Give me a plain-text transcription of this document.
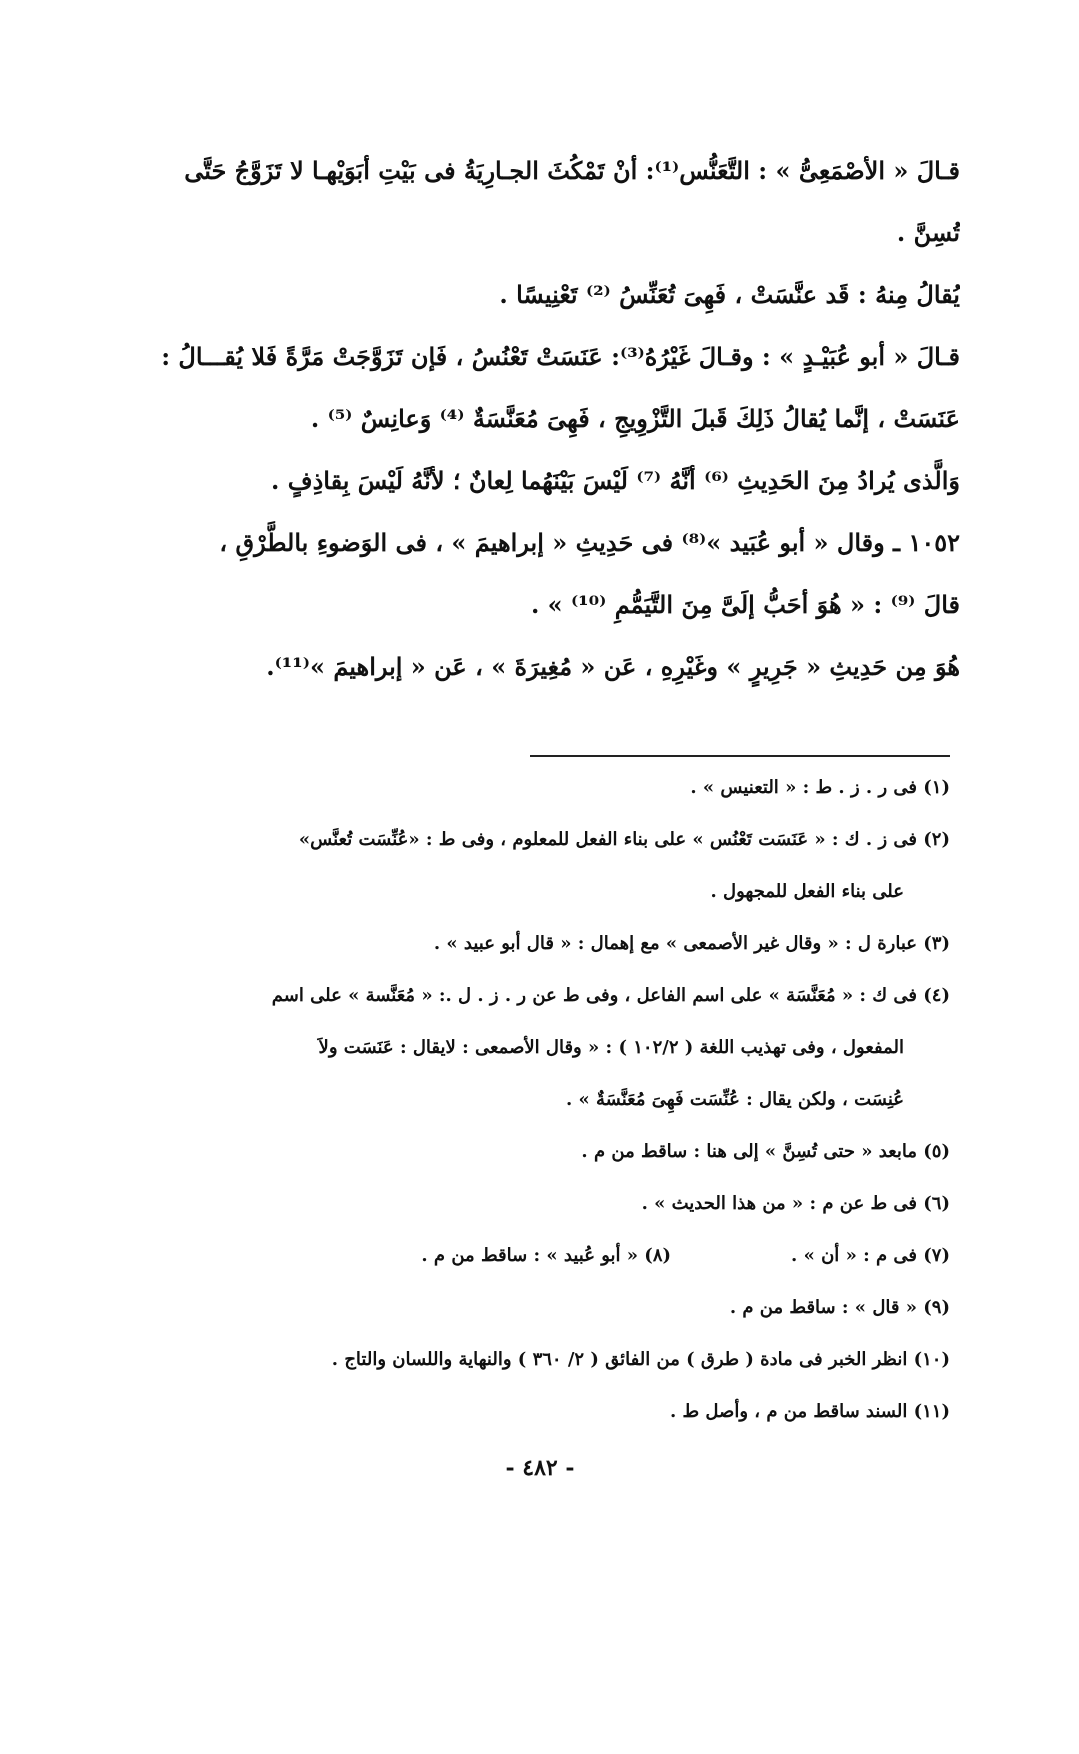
قـالَ « الأصْمَعِىُّ » : التَّعَنُّس⁽¹⁾: أنْ تَمْكُثَ الجـارِيَةُ فى بَيْتِ أبَوَيْهـا لا تَزَوَّجُ حَتَّى

تُسِنَّ .

يُقالُ مِنهُ : قَد عنَّسَتْ ، فَهِىَ تُعَنِّسُ ⁽²⁾ تَعْنِيسًا .

قـالَ « أبو عُبَيْـدٍ » : وقـالَ غَيْرُهُ⁽³⁾: عَنَسَتْ تَعْنُسُ ، فَإن تَزَوَّجَتْ مَرَّةً فَلا يُقـــالُ :

عَنَسَتْ ، إنَّما يُقالُ ذَلِكَ قَبلَ التَّزْوِيجِ ، فَهِىَ مُعَنَّسَةٌ ⁽⁴⁾ وَعانِسٌ ⁽⁵⁾ .

وَالَّذى يُرادُ مِنَ الحَدِيثِ ⁽⁶⁾ أنَّهُ ⁽⁷⁾ لَيْسَ بَيْنَهُما لِعانٌ ؛ لأنَّهُ لَيْسَ بِقاذِفٍ .

١٠٥٢ ـ وقال « أبو عُبَيد »⁽⁸⁾ فى حَدِيثِ « إبراهيمَ » ، فى الوَضوءِ بالطَّرْقِ ،

قالَ ⁽⁹⁾ : « هُوَ أحَبُّ إلَىَّ مِنَ التَّيَمُّمِ ⁽¹⁰⁾ » .

هُوَ مِن حَدِيثِ « جَرِيرٍ » وغَيْرِهِ ، عَن « مُغِيرَةَ » ، عَن « إبراهيمَ »⁽¹¹⁾.

(١) فى ر . ز . ط : « التعنيس » .

(٢) فى ز . ك : « عَنَسَت تَعْنُس » على بناء الفعل للمعلوم ، وفى ط : «عُنِّسَت تُعنَّس»

على بناء الفعل للمجهول .

(٣) عبارة ل : « وقال غير الأصمعى » مع إهمال : « قال أبو عبيد » .

(٤) فى ك : « مُعَنَّسَة » على اسم الفاعل ، وفى ط عن ر . ز . ل .: « مُعَنَّسة » على اسم

المفعول ، وفى تهذيب اللغة ( ١٠٢/٢ ) : « وقال الأصمعى : لايقال : عَنَسَت ولاَ

عُنِسَت ، ولكن يقال : عُنِّسَت فَهِىَ مُعَنَّسَةٌ » .

(٥) مابعد « حتى تُسِنَّ » إلى هنا : ساقط من م .

(٦) فى ط عن م : « من هذا الحديث » .

(٧) فى م : « أن » .
(٨) « أبو عُبيد » : ساقط من م .

(٩) « قال » : ساقط من م .

(١٠) انظر الخبر فى مادة ( طرق ) من الفائق ( ٢/ ٣٦٠ ) والنهاية واللسان والتاج .

(١١) السند ساقط من م ، وأصل ط .

- ٤٨٢ -
